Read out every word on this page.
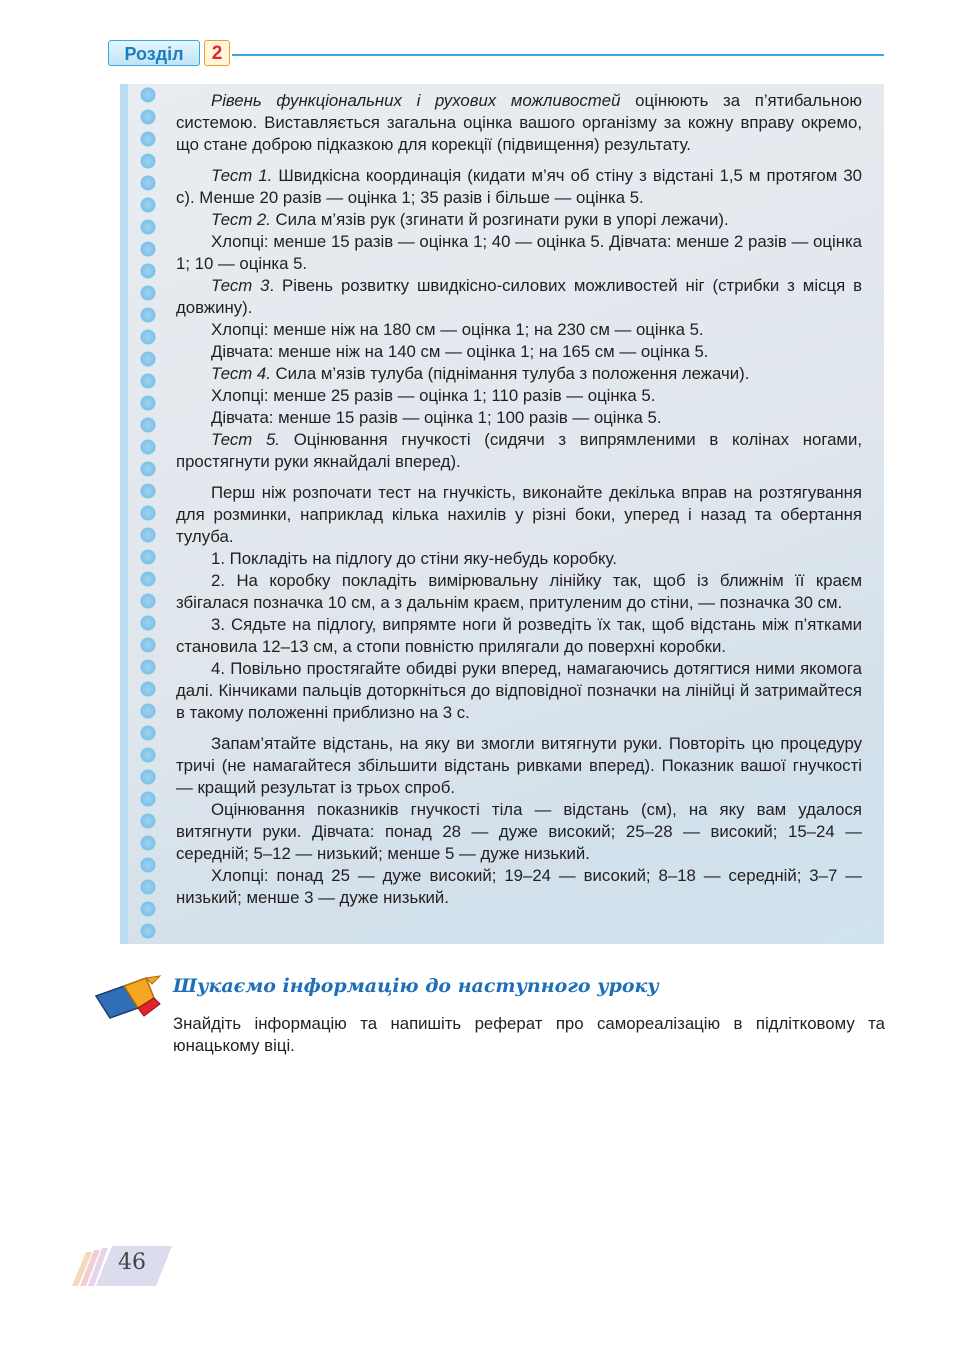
Розділ	2

Рівень функціональних і рухових можливостей оцінюють за п’ятибальною системою. Виставляється загальна оцінка вашого організму за кожну вправу окремо, що стане доброю підказкою для корекції (підвищення) результату.

Тест 1. Швидкісна координація (кидати м’яч об стіну з відстані 1,5 м протягом 30 с). Менше 20 разів — оцінка 1; 35 разів і більше — оцінка 5.

Тест 2. Сила м’язів рук (згинати й розгинати руки в упорі лежачи).

Хлопці: менше 15 разів — оцінка 1; 40 — оцінка 5. Дівчата: менше 2 разів — оцінка 1; 10 — оцінка 5.

Тест 3. Рівень розвитку швидкісно-силових можливостей ніг (стрибки з місця в довжину).

Хлопці: менше ніж на 180 см — оцінка 1; на 230 см — оцінка 5.

Дівчата: менше ніж на 140 см — оцінка 1; на 165 см — оцінка 5.

Тест 4. Сила м’язів тулуба (піднімання тулуба з положення лежачи).

Хлопці: менше 25 разів — оцінка 1; 110 разів — оцінка 5.

Дівчата: менше 15 разів — оцінка 1; 100 разів — оцінка 5.

Тест 5. Оцінювання гнучкості (сидячи з випрямленими в колінах ногами, простягнути руки якнайдалі вперед).

Перш ніж розпочати тест на гнучкість, виконайте декілька вправ на розтягування для розминки, наприклад кілька нахилів у різні боки, уперед і назад та обертання тулуба.

1. Покладіть на підлогу до стіни яку-небудь коробку.

2. На коробку покладіть вимірювальну лінійку так, щоб із ближнім її краєм збігалася позначка 10 см, а з дальнім краєм, притуленим до стіни, — позначка 30 см.

3. Сядьте на підлогу, випрямте ноги й розведіть їх так, щоб відстань між п’ятками становила 12–13 см, а стопи повністю прилягали до поверхні коробки.

4. Повільно простягайте обидві руки вперед, намагаючись дотягтися ними якомога далі. Кінчиками пальців доторкніться до відповідної позначки на лінійці й затримайтеся в такому положенні приблизно на 3 с.

Запам’ятайте відстань, на яку ви змогли витягнути руки. Повторіть цю процедуру тричі (не намагайтеся збільшити відстань ривками вперед). Показник вашої гнучкості — кращий результат із трьох спроб.

Оцінювання показників гнучкості тіла — відстань (см), на яку вам удалося витягнути руки. Дівчата: понад 28 — дуже високий; 25–28 — високий; 15–24 — середній; 5–12 — низький; менше 5 — дуже низький.

Хлопці: понад 25 — дуже високий; 19–24 — високий; 8–18 — середній; 3–7 — низький; менше 3 — дуже низький.

Шукаємо інформацію до наступного уроку
Знайдіть інформацію та напишіть реферат про самореалізацію в підлітковому та юнацькому віці.
46
